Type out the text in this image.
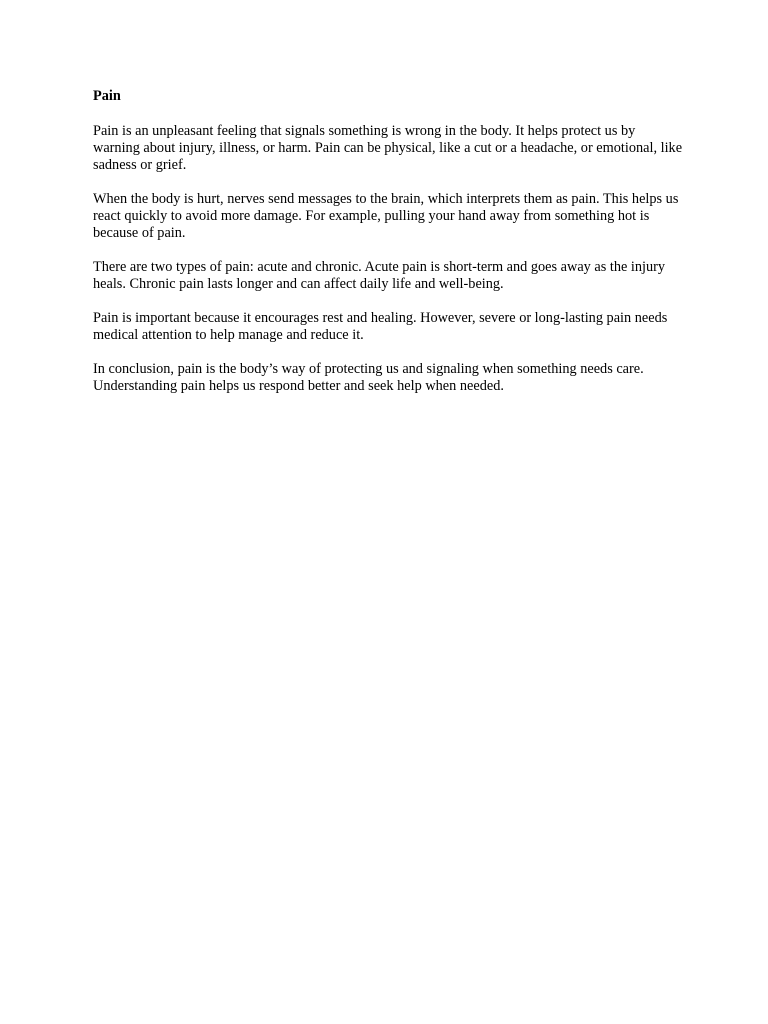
Pain

Pain is an unpleasant feeling that signals something is wrong in the body. It helps protect us by warning about injury, illness, or harm. Pain can be physical, like a cut or a headache, or emotional, like sadness or grief.

When the body is hurt, nerves send messages to the brain, which interprets them as pain. This helps us react quickly to avoid more damage. For example, pulling your hand away from something hot is because of pain.

There are two types of pain: acute and chronic. Acute pain is short-term and goes away as the injury heals. Chronic pain lasts longer and can affect daily life and well-being.

Pain is important because it encourages rest and healing. However, severe or long-lasting pain needs medical attention to help manage and reduce it.

In conclusion, pain is the body’s way of protecting us and signaling when something needs care. Understanding pain helps us respond better and seek help when needed.
